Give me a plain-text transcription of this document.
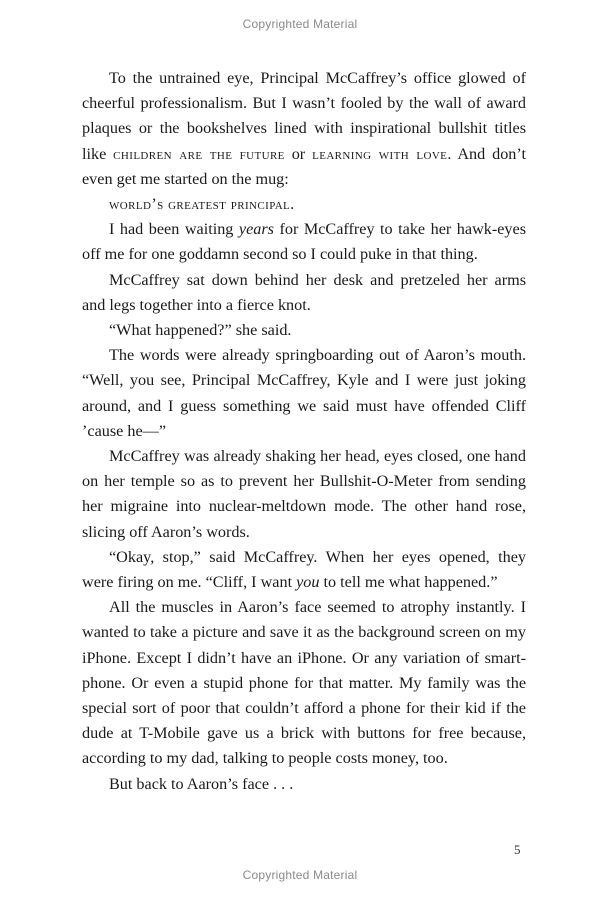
Copyrighted Material

To the untrained eye, Principal McCaffrey’s office glowed of cheerful professionalism. But I wasn’t fooled by the wall of award plaques or the bookshelves lined with inspirational bullshit titles like children are the future or learning with love. And don’t even get me started on the mug:

world’s greatest principal.

I had been waiting years for McCaffrey to take her hawk-eyes off me for one goddamn second so I could puke in that thing.

McCaffrey sat down behind her desk and pretzeled her arms and legs together into a fierce knot.

“What happened?” she said.

The words were already springboarding out of Aaron’s mouth. “Well, you see, Principal McCaffrey, Kyle and I were just joking around, and I guess something we said must have offended Cliff ’cause he—”

McCaffrey was already shaking her head, eyes closed, one hand on her temple so as to prevent her Bullshit-O-Meter from sending her migraine into nuclear-meltdown mode. The other hand rose, slicing off Aaron’s words.

“Okay, stop,” said McCaffrey. When her eyes opened, they were firing on me. “Cliff, I want you to tell me what happened.”

All the muscles in Aaron’s face seemed to atrophy instantly. I wanted to take a picture and save it as the background screen on my iPhone. Except I didn’t have an iPhone. Or any variation of smart-phone. Or even a stupid phone for that matter. My family was the special sort of poor that couldn’t afford a phone for their kid if the dude at T-Mobile gave us a brick with buttons for free because, according to my dad, talking to people costs money, too.

But back to Aaron’s face . . .

5
Copyrighted Material
